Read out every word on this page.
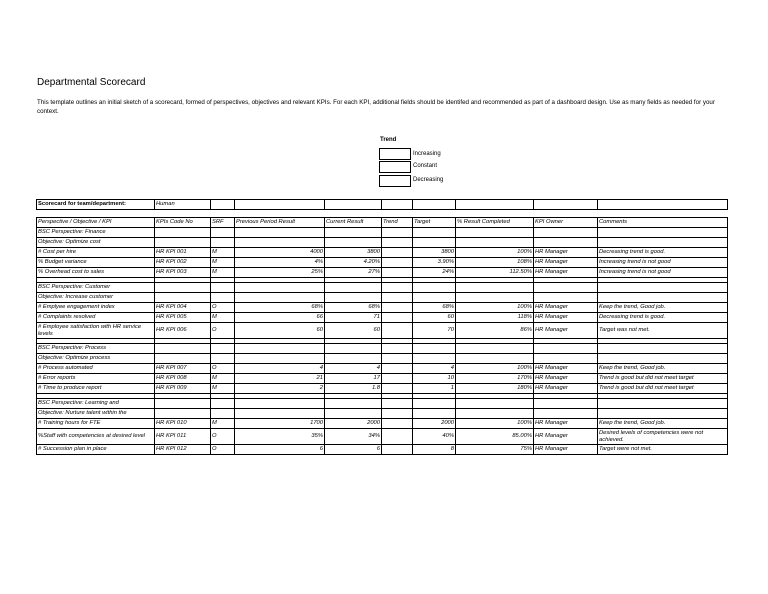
Departmental Scorecard
This template outlines an initial sketch of a scorecard, formed of perspectives, objectives and relevant KPIs. For each KPI, additional fields should be identifed and recommended as part of a dashboard design. Use as many fields as needed for your context.
Trend
Increasing
Constant
Decreasing
Scorecard for team/department:	Human								
Perspective / Objective / KPI	KPIs Code No	SRF	Previous Period Result	Current Result	Trend	Target	% Result Completed	KPI Owner	Comments
BSC Perspective: Finance									
Objective: Optimize cost									
# Cost per hire	HR KPI 001	M	4000	3800		3800	100%	HR Manager	Decreasing trend is good.
% Budget variance	HR KPI 002	M	4%	4.20%		3.90%	108%	HR Manager	Increasing trend is not good
% Overhead cost to sales	HR KPI 003	M	25%	27%		24%	112.50%	HR Manager	Increasing trend is not good

BSC Perspective: Customer									
Objective: Increase customer									
# Emplyee engagement index	HR KPI 004	O	68%	68%		68%	100%	HR Manager	Keep the trend, Good job.
# Complaints resolved	HR KPI 005	M	66	71		60	118%	HR Manager	Decreasing trend is good.
# Employee satisfaction with HR service levels	HR KPI 006	O	60	60		70	86%	HR Manager	Target was not met.

BSC Perspective: Process									
Objective: Optimize process									
# Process automated	HR KPI 007	O	4	4		4	100%	HR Manager	Keep the trend, Good job.
# Error reports	HR KPI 008	M	21	17		10	170%	HR Manager	Trend is good but did not meet target
# Time to produce report	HR KPI 009	M	2	1.8		1	180%	HR Manager	Trend is good but did not meet target

BSC Perspective: Learning and									
Objective: Nurture talent within the									
# Training hours for FTE	HR KPI 010	M	1700	2000		2000	100%	HR Manager	Keep the trend, Good job.
%Staff with competencies at desired level	HR KPI 011	O	35%	34%		40%	85.00%	HR Manager	Desired levels of competencies were not achieved.
# Succession plan in place	HR KPI 012	O	6	6		8	75%	HR Manager	Target were not met.
